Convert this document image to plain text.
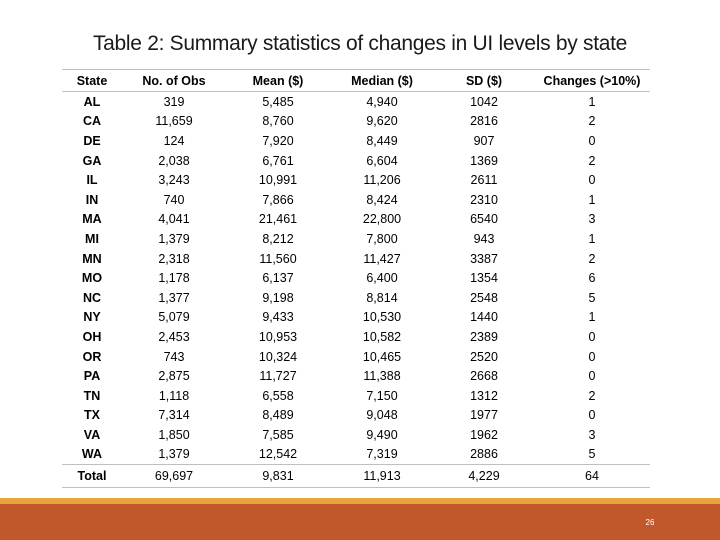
Table 2: Summary statistics of changes in UI levels by state
State	No. of Obs	Mean ($)	Median ($)	SD ($)	Changes (>10%)
AL	319	5,485	4,940	1042	1
CA	11,659	8,760	9,620	2816	2
DE	124	7,920	8,449	907	0
GA	2,038	6,761	6,604	1369	2
IL	3,243	10,991	11,206	2611	0
IN	740	7,866	8,424	2310	1
MA	4,041	21,461	22,800	6540	3
MI	1,379	8,212	7,800	943	1
MN	2,318	11,560	11,427	3387	2
MO	1,178	6,137	6,400	1354	6
NC	1,377	9,198	8,814	2548	5
NY	5,079	9,433	10,530	1440	1
OH	2,453	10,953	10,582	2389	0
OR	743	10,324	10,465	2520	0
PA	2,875	11,727	11,388	2668	0
TN	1,118	6,558	7,150	1312	2
TX	7,314	8,489	9,048	1977	0
VA	1,850	7,585	9,490	1962	3
WA	1,379	12,542	7,319	2886	5
Total	69,697	9,831	11,913	4,229	64
26
